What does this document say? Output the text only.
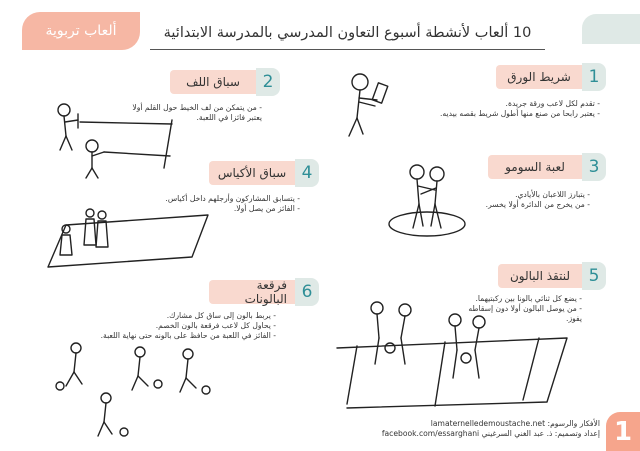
ألعاب تربوية	10 ألعاب لأنشطة أسبوع التعاون المدرسي بالمدرسة الابتدائية
شريط الورق	1
- تقدم لكل لاعب ورقة جريدة.
- يعتبر رابحا من صنع منها أطول شريط بقصه بيديه.
سباق اللف	2
- من يتمكن من لف الخيط حول القلم أولا
يعتبر فائزا في اللعبة.
لعبة السومو	3
- يتبارز اللاعبان بالأيادي.
- من يخرج من الدائرة أولا يخسر.
سباق الأكياس 4
- يتسابق المشاركون وأرجلهم داخل أكياس.
- الفائز من يصل أولا.
لنتقذ البالون	5
- يضع كل ثنائي بالونا بين ركبتيهما.
- من يوصل البالون أولا دون إسقاطه
يفوز.
فرقعة البالونات 6
- يربط بالون إلى ساق كل مشارك.
- يحاول كل لاعب فرقعة بالون الخصم.
- الفائز في اللعبة من حافظ على بالونه حتى نهاية اللعبة.
الأفكار والرسوم: lamaternelledemoustache.net
إعداد وتصميم: ذ. عبد الغني السرغيني facebook.com/essarghani 1
